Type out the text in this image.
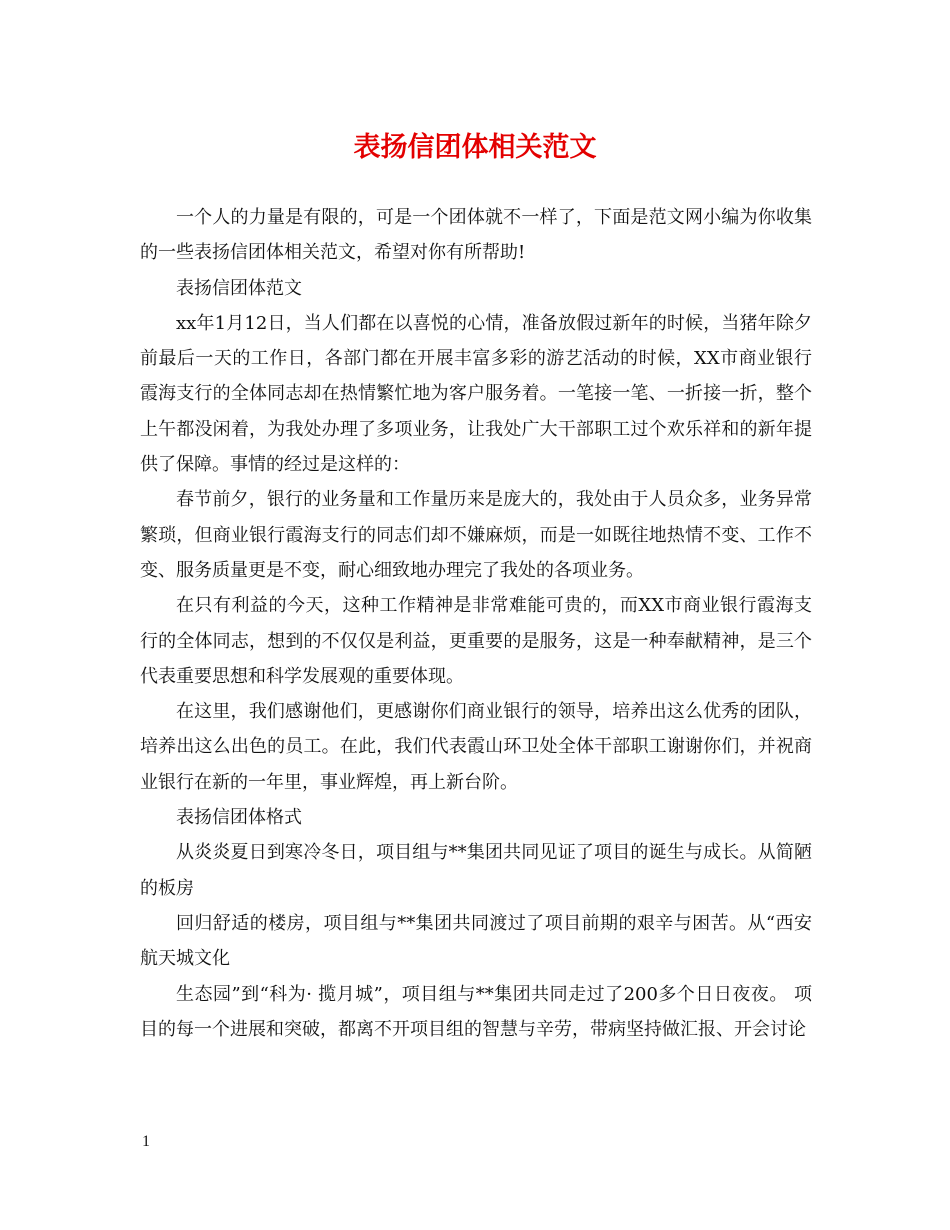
表扬信团体相关范文

一个人的力量是有限的，可是一个团体就不一样了，下面是范文网小编为你收集的一些表扬信团体相关范文，希望对你有所帮助!

表扬信团体范文

xx年1月12日，当人们都在以喜悦的心情，准备放假过新年的时候，当猪年除夕前最后一天的工作日，各部门都在开展丰富多彩的游艺活动的时候，XX市商业银行霞海支行的全体同志却在热情繁忙地为客户服务着。一笔接一笔、一折接一折，整个上午都没闲着，为我处办理了多项业务，让我处广大干部职工过个欢乐祥和的新年提供了保障。事情的经过是这样的：

春节前夕，银行的业务量和工作量历来是庞大的，我处由于人员众多，业务异常繁琐，但商业银行霞海支行的同志们却不嫌麻烦，而是一如既往地热情不变、工作不变、服务质量更是不变，耐心细致地办理完了我处的各项业务。

在只有利益的今天，这种工作精神是非常难能可贵的，而XX市商业银行霞海支行的全体同志，想到的不仅仅是利益，更重要的是服务，这是一种奉献精神，是三个代表重要思想和科学发展观的重要体现。

在这里，我们感谢他们，更感谢你们商业银行的领导，培养出这么优秀的团队，培养出这么出色的员工。在此，我们代表霞山环卫处全体干部职工谢谢你们，并祝商业银行在新的一年里，事业辉煌，再上新台阶。

表扬信团体格式

从炎炎夏日到寒冷冬日，项目组与**集团共同见证了项目的诞生与成长。从简陋的板房

回归舒适的楼房，项目组与**集团共同渡过了项目前期的艰辛与困苦。从“西安航天城文化

生态园”到“科为· 揽月城”，项目组与**集团共同走过了200多个日日夜夜。 项目的每一个进展和突破，都离不开项目组的智慧与辛劳，带病坚持做汇报、开会讨论

1
